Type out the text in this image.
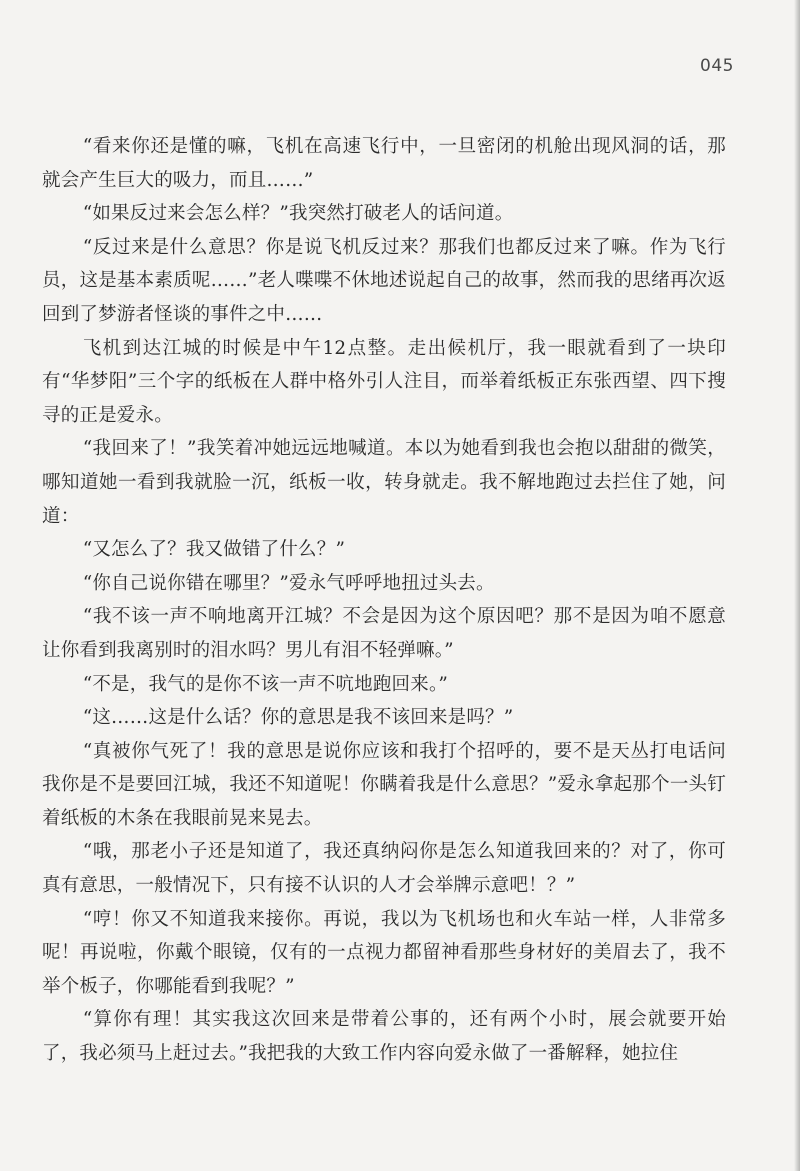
045

“看来你还是懂的嘛，飞机在高速飞行中，一旦密闭的机舱出现风洞的话，那就会产生巨大的吸力，而且……”

“如果反过来会怎么样？”我突然打破老人的话问道。

“反过来是什么意思？你是说飞机反过来？那我们也都反过来了嘛。作为飞行员，这是基本素质呢……”老人喋喋不休地述说起自己的故事，然而我的思绪再次返回到了梦游者怪谈的事件之中……

飞机到达江城的时候是中午12点整。走出候机厅，我一眼就看到了一块印有“华梦阳”三个字的纸板在人群中格外引人注目，而举着纸板正东张西望、四下搜寻的正是爱永。

“我回来了！”我笑着冲她远远地喊道。本以为她看到我也会抱以甜甜的微笑，哪知道她一看到我就脸一沉，纸板一收，转身就走。我不解地跑过去拦住了她，问道：

“又怎么了？我又做错了什么？”

“你自己说你错在哪里？”爱永气呼呼地扭过头去。

“我不该一声不响地离开江城？不会是因为这个原因吧？那不是因为咱不愿意让你看到我离别时的泪水吗？男儿有泪不轻弹嘛。”

“不是，我气的是你不该一声不吭地跑回来。”

“这……这是什么话？你的意思是我不该回来是吗？”

“真被你气死了！我的意思是说你应该和我打个招呼的，要不是天丛打电话问我你是不是要回江城，我还不知道呢！你瞒着我是什么意思？”爱永拿起那个一头钉着纸板的木条在我眼前晃来晃去。

“哦，那老小子还是知道了，我还真纳闷你是怎么知道我回来的？对了，你可真有意思，一般情况下，只有接不认识的人才会举牌示意吧！？”

“哼！你又不知道我来接你。再说，我以为飞机场也和火车站一样，人非常多呢！再说啦，你戴个眼镜，仅有的一点视力都留神看那些身材好的美眉去了，我不举个板子，你哪能看到我呢？”

“算你有理！其实我这次回来是带着公事的，还有两个小时，展会就要开始了，我必须马上赶过去。”我把我的大致工作内容向爱永做了一番解释，她拉住
